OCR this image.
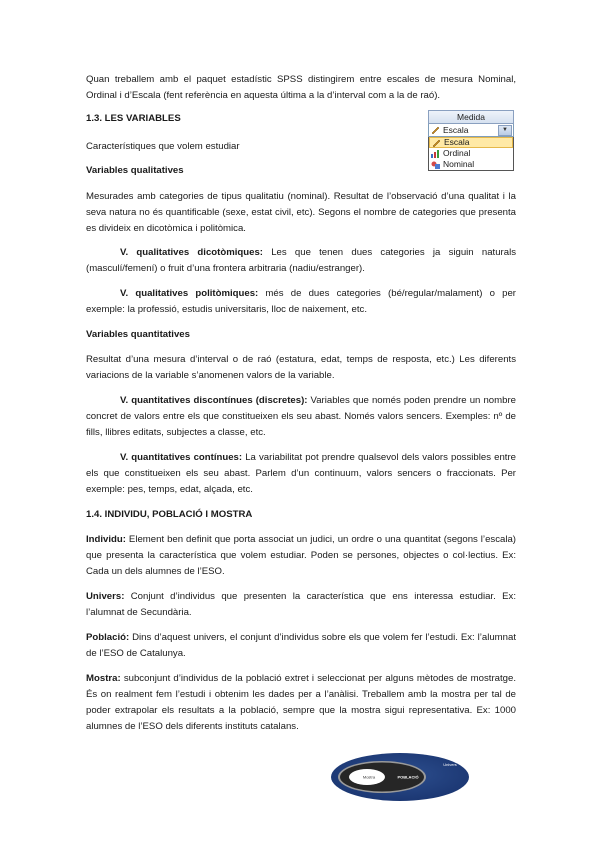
Quan treballem amb el paquet estadístic SPSS distingirem entre escales de mesura Nominal, Ordinal i d’Escala (fent referència en aquesta última a la d’interval com a la de raó).

1.3. LES VARIABLES	Medida
Escala	▼
Escala
Ordinal
Nominal

Característiques que volem estudiar

Variables qualitatives

Mesurades amb categories de tipus qualitatiu (nominal). Resultat de l’observació d’una qualitat i la seva natura no és quantificable (sexe, estat civil, etc). Segons el nombre de categories que presenta es divideix en dicotòmica i politòmica.

V. qualitatives dicotòmiques: Les que tenen dues categories ja siguin naturals (masculí/femení) o fruit d’una frontera arbitraria (nadiu/estranger).

V. qualitatives politòmiques: més de dues categories (bé/regular/malament) o per exemple: la professió, estudis universitaris, lloc de naixement, etc.

Variables quantitatives

Resultat d’una mesura d’interval o de raó (estatura, edat, temps de resposta, etc.) Les diferents variacions de la variable s’anomenen valors de la variable.

V. quantitatives discontínues (discretes): Variables que només poden prendre un nombre concret de valors entre els que constitueixen els seu abast. Només valors sencers. Exemples: nº de fills, llibres editats, subjectes a classe, etc.

V. quantitatives contínues: La variabilitat pot prendre qualsevol dels valors possibles entre els que constitueixen els seu abast. Parlem d’un continuum, valors sencers o fraccionats. Per exemple: pes, temps, edat, alçada, etc.

1.4. INDIVIDU, POBLACIÓ I MOSTRA

Individu: Element ben definit que porta associat un judici, un ordre o una quantitat (segons l’escala) que presenta la característica que volem estudiar. Poden se persones, objectes o col·lectius. Ex: Cada un dels alumnes de l’ESO.

Univers: Conjunt d’individus que presenten la característica que ens interessa estudiar. Ex: l’alumnat de Secundària.

Població: Dins d’aquest univers, el conjunt d’individus sobre els que volem fer l’estudi. Ex: l’alumnat de l’ESO de Catalunya.

Mostra: subconjunt d’individus de la població extret i seleccionat per alguns mètodes de mostratge. És on realment fem l’estudi i obtenim les dades per a l’anàlisi. Treballem amb la mostra per tal de poder extrapolar els resultats a la població, sempre que la mostra sigui representativa. Ex: 1000 alumnes de l’ESO dels diferents instituts catalans.

Univers
POBLACIÓ
Mostra
